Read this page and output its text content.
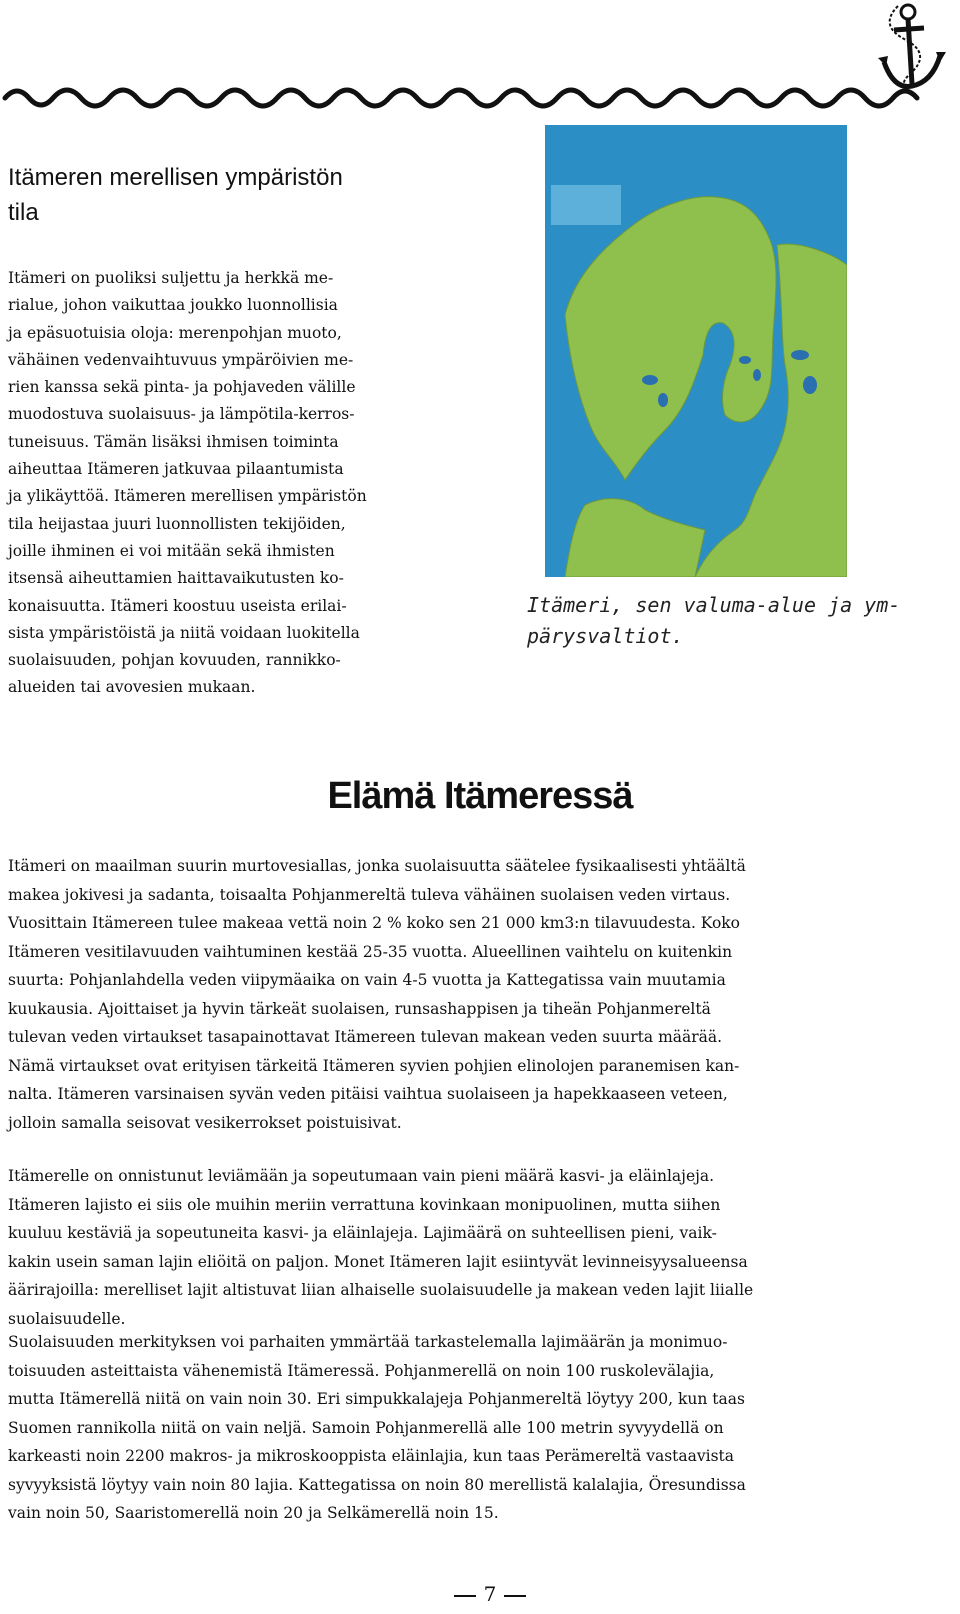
Itämeren merellisen ympäristön
tila
Itämeri on puoliksi suljettu ja herkkä me-
rialue, johon vaikuttaa joukko luonnollisia
ja epäsuotuisia oloja: merenpohjan muoto,
vähäinen vedenvaihtuvuus ympäröivien me-
rien kanssa sekä pinta- ja pohjaveden välille
muodostuva suolaisuus- ja lämpötila-kerros-
tuneisuus. Tämän lisäksi ihmisen toiminta
aiheuttaa Itämeren jatkuvaa pilaantumista
ja ylikäyttöä. Itämeren merellisen ympäristön
tila heijastaa juuri luonnollisten tekijöiden,
joille ihminen ei voi mitään sekä ihmisten
itsensä aiheuttamien haittavaikutusten ko-
konaisuutta. Itämeri koostuu useista erilai-
sista ympäristöistä ja niitä voidaan luokitella
suolaisuuden, pohjan kovuuden, rannikko-
alueiden tai avovesien mukaan.
Itämeri, sen valuma-alue ja ym-
pärysvaltiot.
Elämä Itämeressä
Itämeri on maailman suurin murtovesiallas, jonka suolaisuutta säätelee fysikaalisesti yhtäältä
makea jokivesi ja sadanta, toisaalta Pohjanmereltä tuleva vähäinen suolaisen veden virtaus.
Vuosittain Itämereen tulee makeaa vettä noin 2 % koko sen 21 000 km3:n tilavuudesta. Koko
Itämeren vesitilavuuden vaihtuminen kestää 25-35 vuotta. Alueellinen vaihtelu on kuitenkin
suurta: Pohjanlahdella veden viipymäaika on vain 4-5 vuotta ja Kattegatissa vain muutamia
kuukausia. Ajoittaiset ja hyvin tärkeät suolaisen, runsashappisen ja tiheän Pohjanmereltä
tulevan veden virtaukset tasapainottavat Itämereen tulevan makean veden suurta määrää.
Nämä virtaukset ovat erityisen tärkeitä Itämeren syvien pohjien elinolojen paranemisen kan-
nalta. Itämeren varsinaisen syvän veden pitäisi vaihtua suolaiseen ja hapekkaaseen veteen,
jolloin samalla seisovat vesikerrokset poistuisivat.
Itämerelle on onnistunut leviämään ja sopeutumaan vain pieni määrä kasvi- ja eläinlajeja.
Itämeren lajisto ei siis ole muihin meriin verrattuna kovinkaan monipuolinen, mutta siihen
kuuluu kestäviä ja sopeutuneita kasvi- ja eläinlajeja. Lajimäärä on suhteellisen pieni, vaik-
kakin usein saman lajin eliöitä on paljon. Monet Itämeren lajit esiintyvät levinneisyysalueensa
äärirajoilla: merelliset lajit altistuvat liian alhaiselle suolaisuudelle ja makean veden lajit liialle
suolaisuudelle.
Suolaisuuden merkityksen voi parhaiten ymmärtää tarkastelemalla lajimäärän ja monimuo-
toisuuden asteittaista vähenemistä Itämeressä. Pohjanmerellä on noin 100 ruskolevälajia,
mutta Itämerellä niitä on vain noin 30. Eri simpukkalajeja Pohjanmereltä löytyy 200, kun taas
Suomen rannikolla niitä on vain neljä. Samoin Pohjanmerellä alle 100 metrin syvyydellä on
karkeasti noin 2200 makros- ja mikroskooppista eläinlajia, kun taas Perämereltä vastaavista
syvyyksistä löytyy vain noin 80 lajia. Kattegatissa on noin 80 merellistä kalalajia, Öresundissa
vain noin 50, Saaristomerellä noin 20 ja Selkämerellä noin 15.
7
